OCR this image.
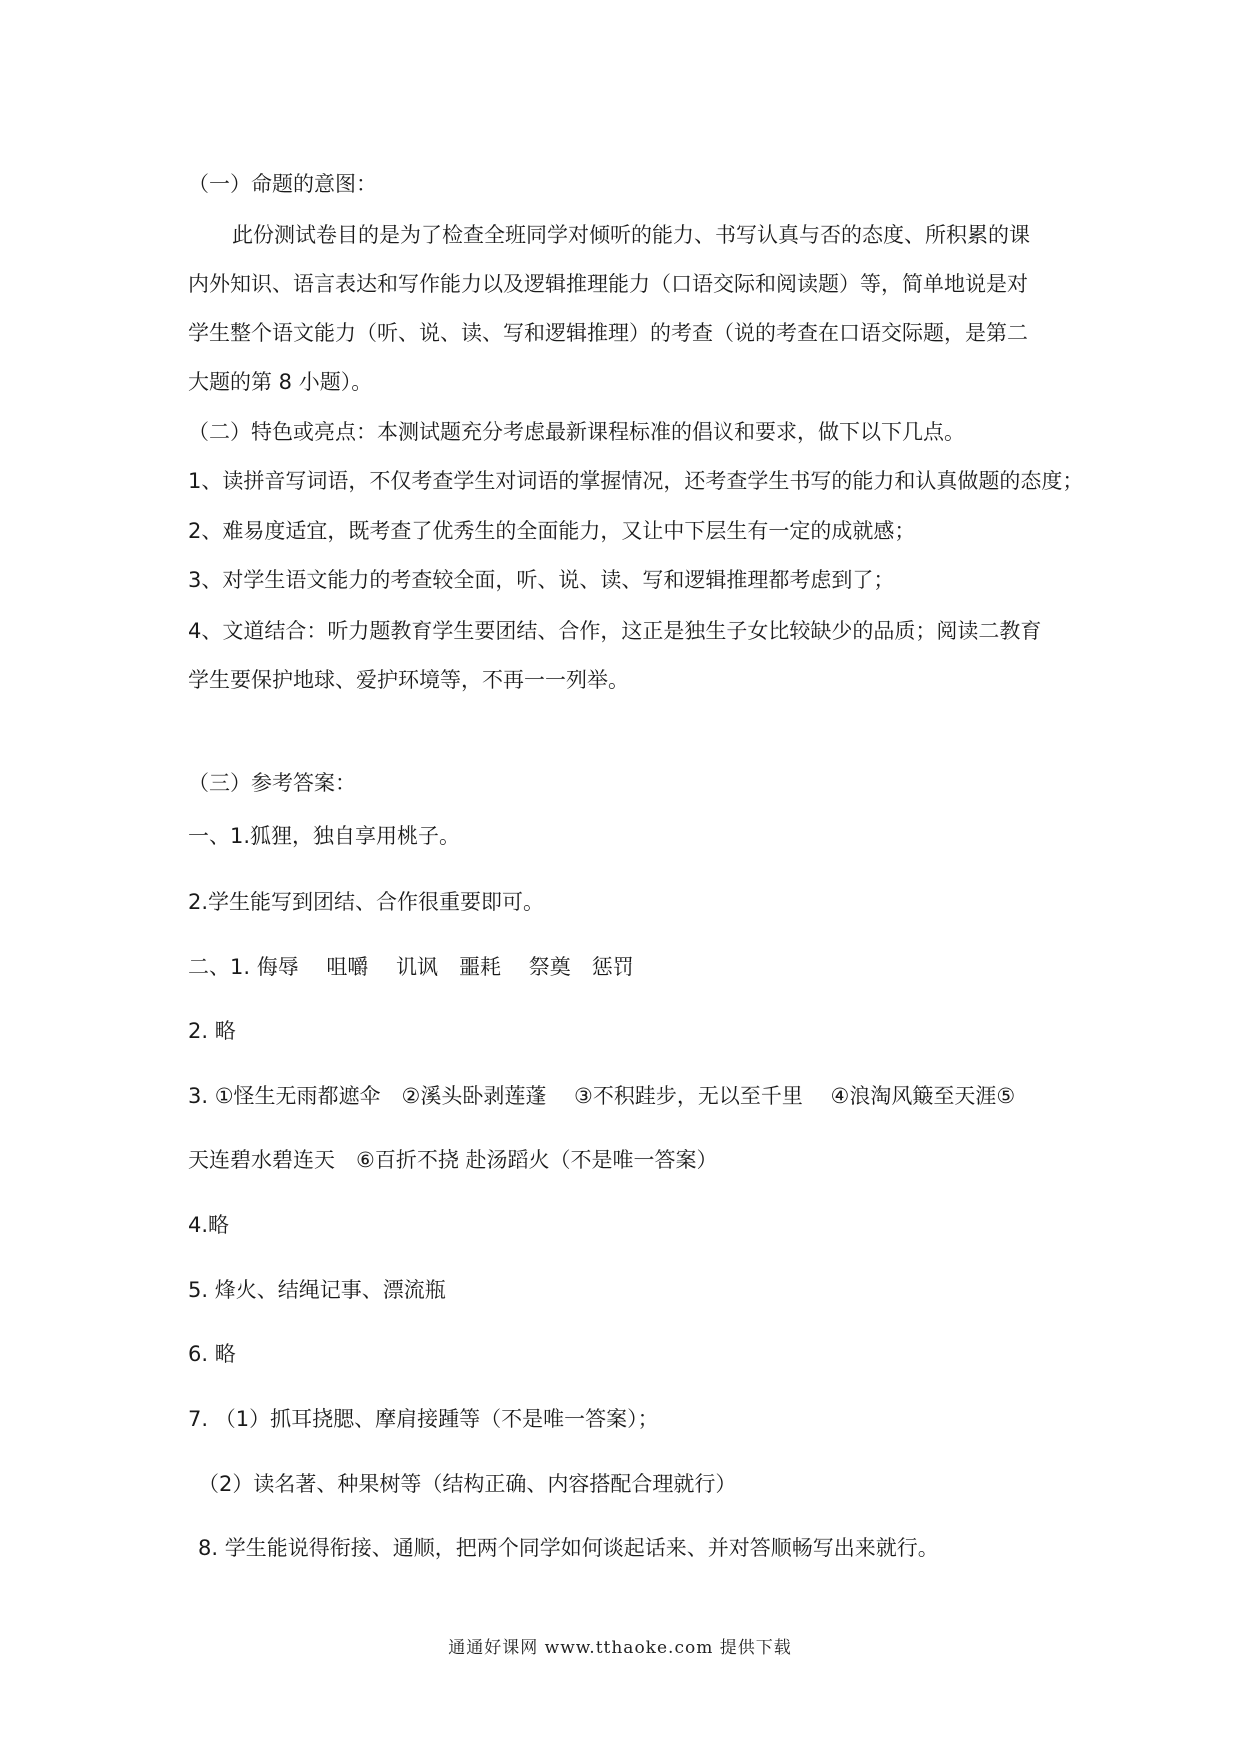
（一）命题的意图：
此份测试卷目的是为了检查全班同学对倾听的能力、书写认真与否的态度、所积累的课
内外知识、语言表达和写作能力以及逻辑推理能力（口语交际和阅读题）等，简单地说是对
学生整个语文能力（听、说、读、写和逻辑推理）的考查（说的考查在口语交际题，是第二
大题的第 8 小题）。
（二）特色或亮点：本测试题充分考虑最新课程标准的倡议和要求，做下以下几点。
1、读拼音写词语，不仅考查学生对词语的掌握情况，还考查学生书写的能力和认真做题的态度；
2、难易度适宜，既考查了优秀生的全面能力，又让中下层生有一定的成就感；
3、对学生语文能力的考查较全面，听、说、读、写和逻辑推理都考虑到了；
4、文道结合：听力题教育学生要团结、合作，这正是独生子女比较缺少的品质；阅读二教育
学生要保护地球、爱护环境等，不再一一列举。
（三）参考答案：
一、1.狐狸，独自享用桃子。
2.学生能写到团结、合作很重要即可。
二、1. 侮辱　 咀嚼　 讥讽　噩耗　 祭奠　惩罚
2. 略
3. ①怪生无雨都遮伞　②溪头卧剥莲蓬　 ③不积跬步，无以至千里　 ④浪淘风簸至天涯⑤
天连碧水碧连天　⑥百折不挠 赴汤蹈火（不是唯一答案）
4.略
5. 烽火、结绳记事、漂流瓶
6. 略
7. （1）抓耳挠腮、摩肩接踵等（不是唯一答案）；
（2）读名著、种果树等（结构正确、内容搭配合理就行）
8. 学生能说得衔接、通顺，把两个同学如何谈起话来、并对答顺畅写出来就行。
通通好课网 www.tthaoke.com 提供下载
